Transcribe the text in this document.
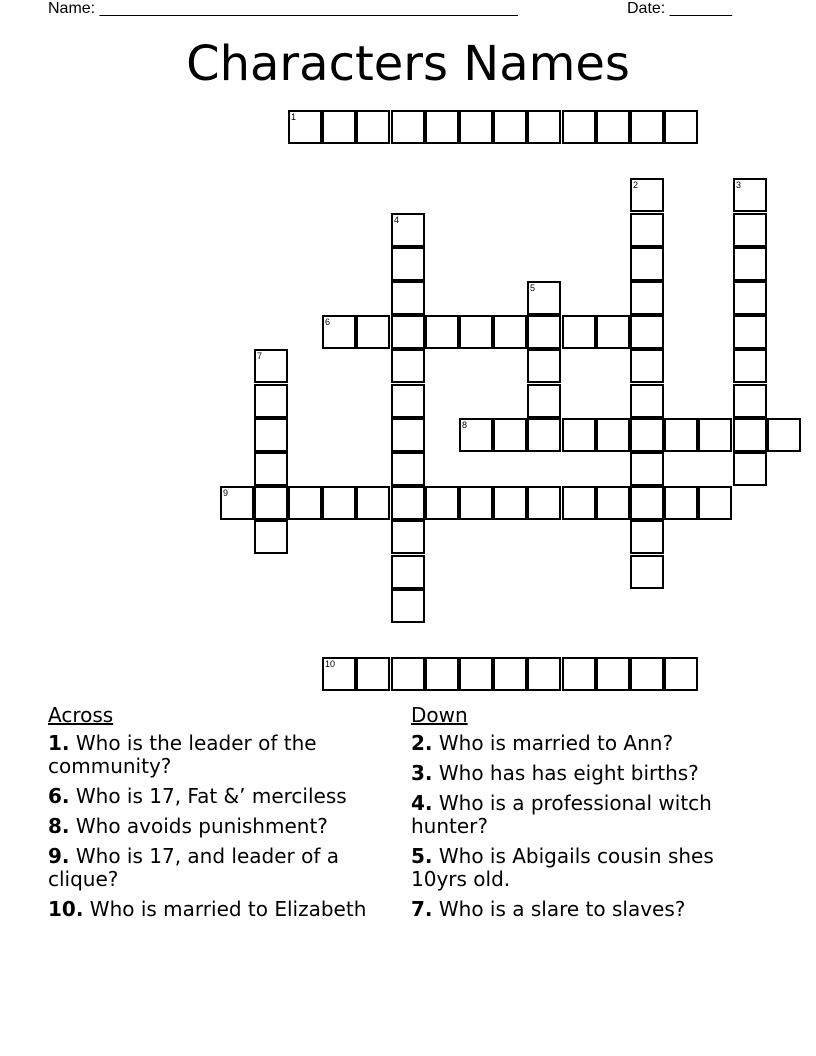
Name: _______________________________________________	Date: _______
Characters Names
1
2	3
4
5
6
7
8
9
10
Across
1. Who is the leader of the community?
6. Who is 17, Fat &’ merciless
8. Who avoids punishment?
9. Who is 17, and leader of a clique?
10. Who is married to Elizabeth
Down
2. Who is married to Ann?
3. Who has has eight births?
4. Who is a professional witch hunter?
5. Who is Abigails cousin shes 10yrs old.
7. Who is a slare to slaves?
